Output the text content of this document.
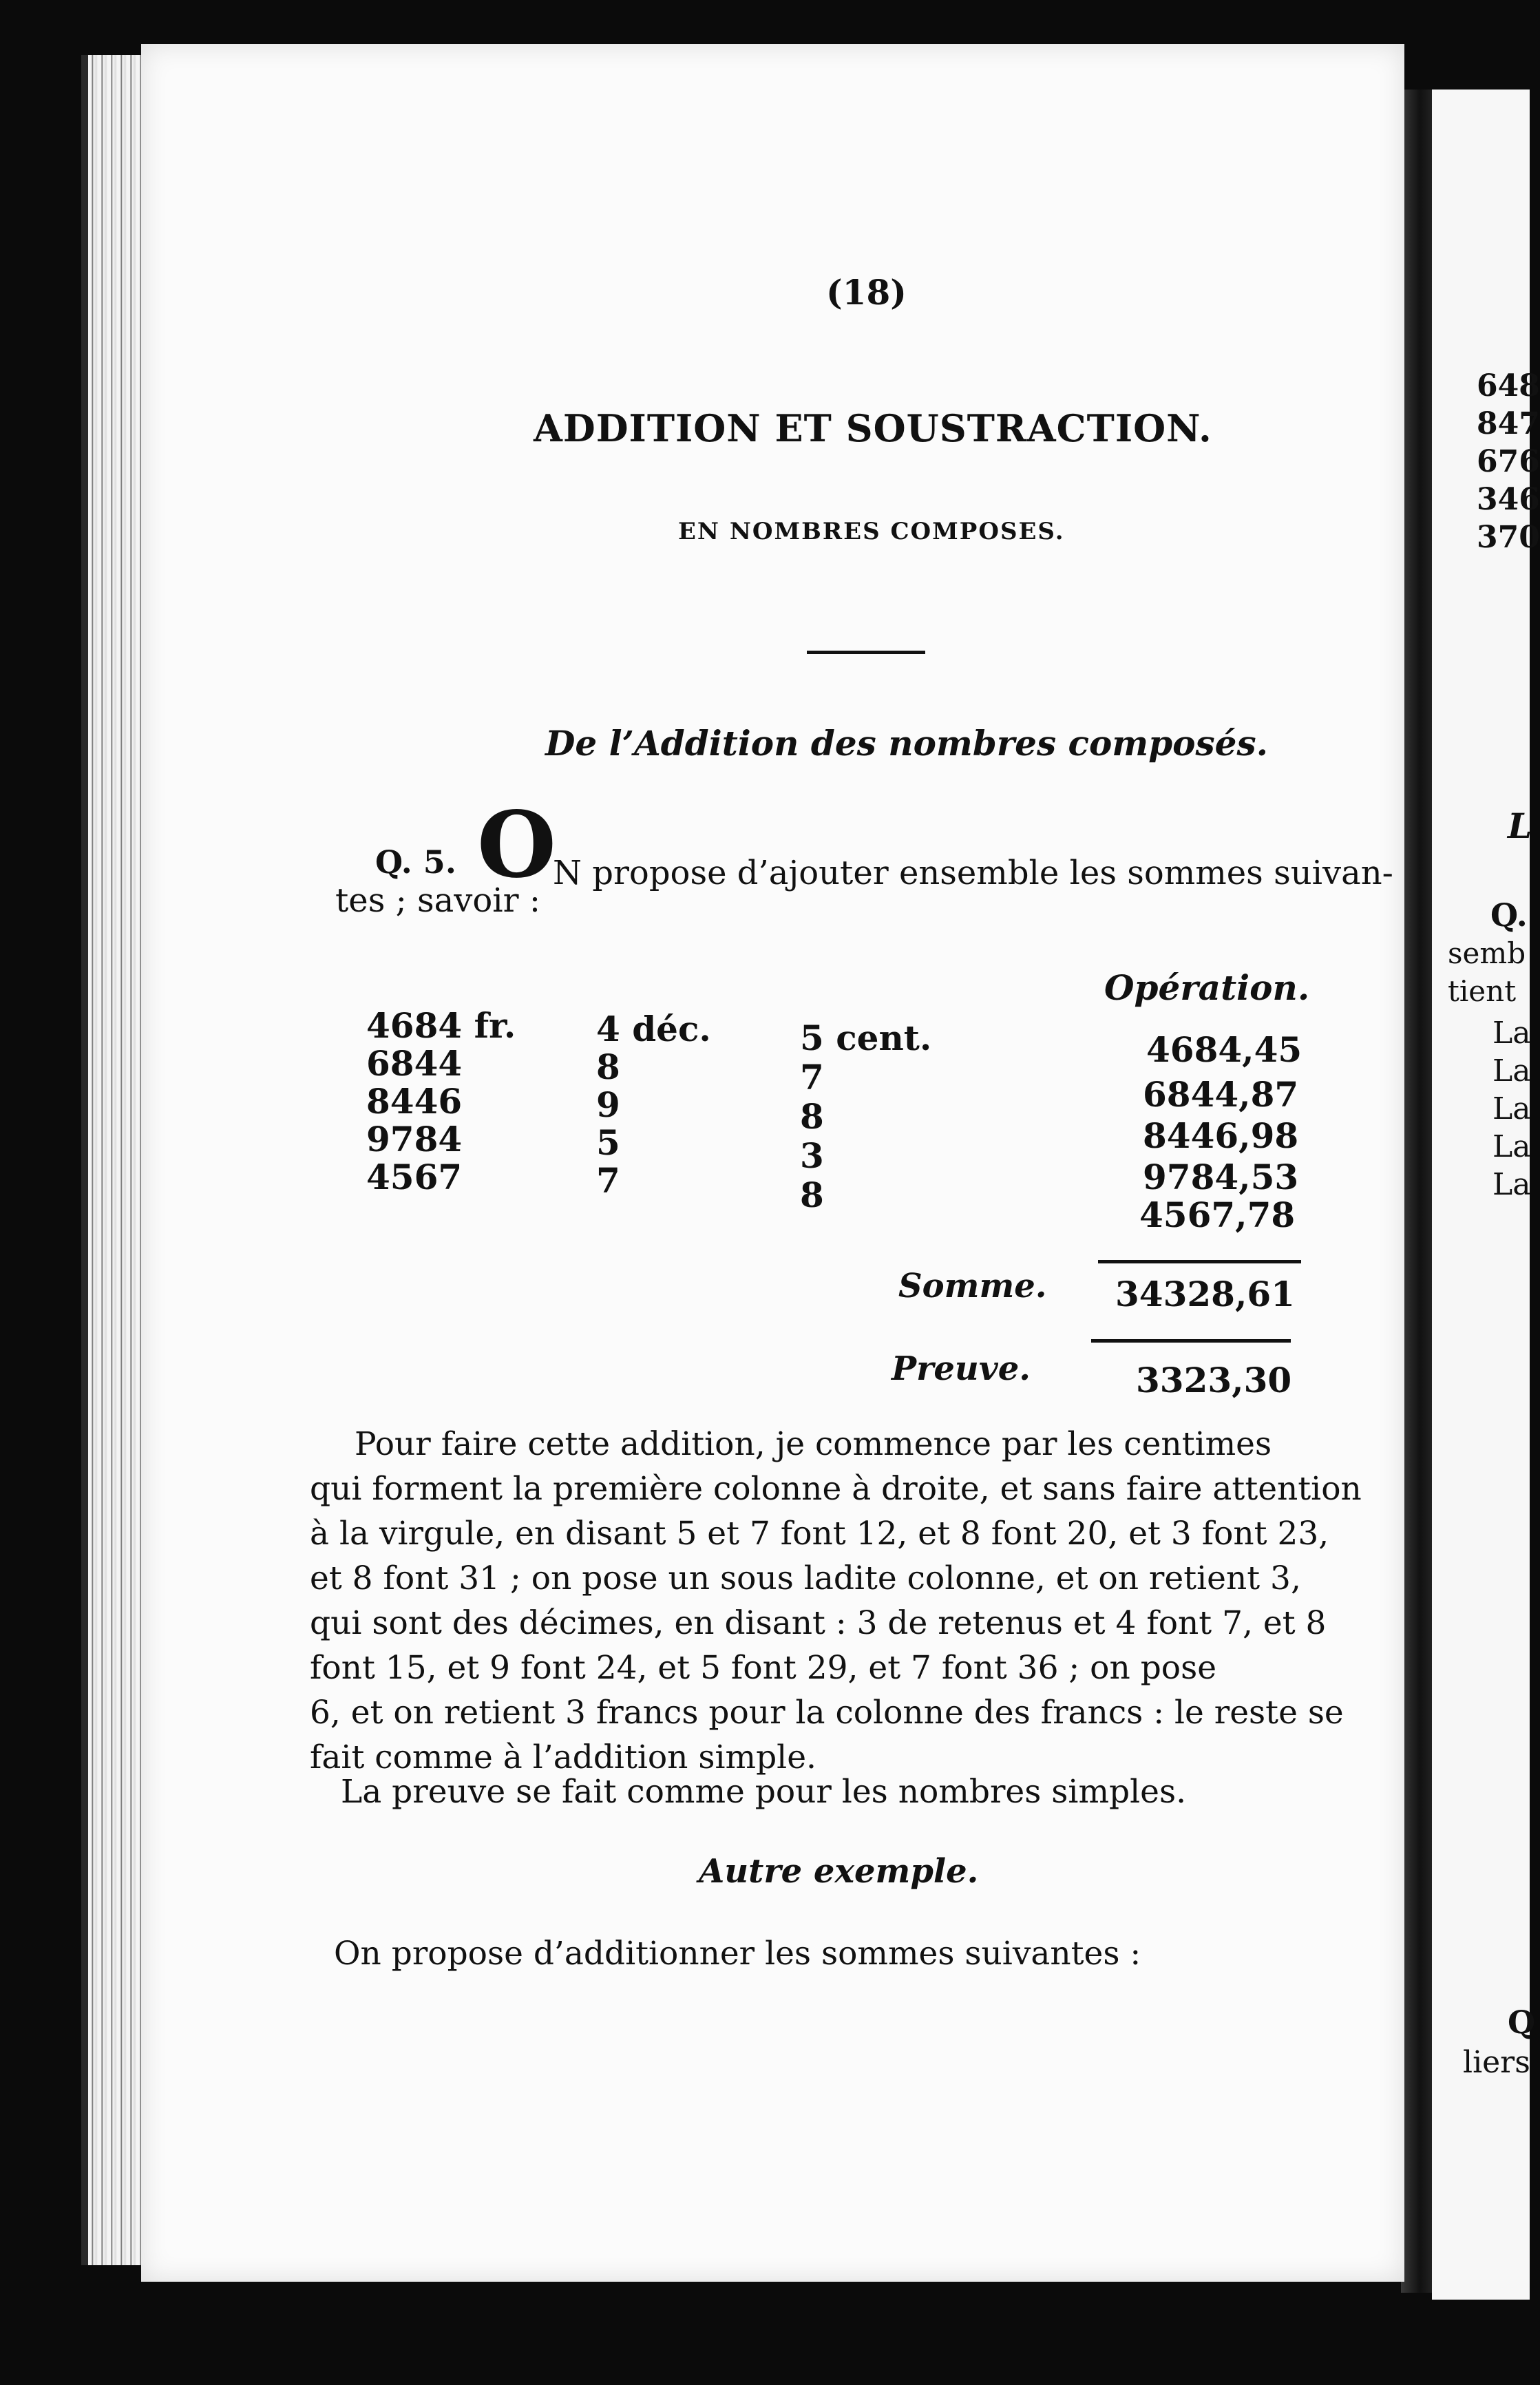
648
847
676
346
370
L
Q.
semb
tient
La
La
La
La
La
Q
liers
(18)
ADDITION ET SOUSTRACTION.
EN NOMBRES COMPOSES.
De l’Addition des nombres composés.
Q. 5. O
N propose d’ajouter ensemble les sommes suivan-
tes ; savoir :
Opération.
4684 fr.
6844
8446
9784
4567
4 déc.
8
9
5
7
5 cent.
7
8
3
8
4684,45
6844,87
8446,98
9784,53
4567,78
Somme. 34328,61
Preuve.	3323,30
Pour faire cette addition, je commence par les centimes
qui forment la première colonne à droite, et sans faire attention
à la virgule, en disant 5 et 7 font 12, et 8 font 20, et 3 font 23,
et 8 font 31 ; on pose un sous ladite colonne, et on retient 3,
qui sont des décimes, en disant : 3 de retenus et 4 font 7, et 8
font 15, et 9 font 24, et 5 font 29, et 7 font 36 ; on pose
6, et on retient 3 francs pour la colonne des francs : le reste se
fait comme à l’addition simple.
La preuve se fait comme pour les nombres simples.
Autre exemple.
On propose d’additionner les sommes suivantes :
